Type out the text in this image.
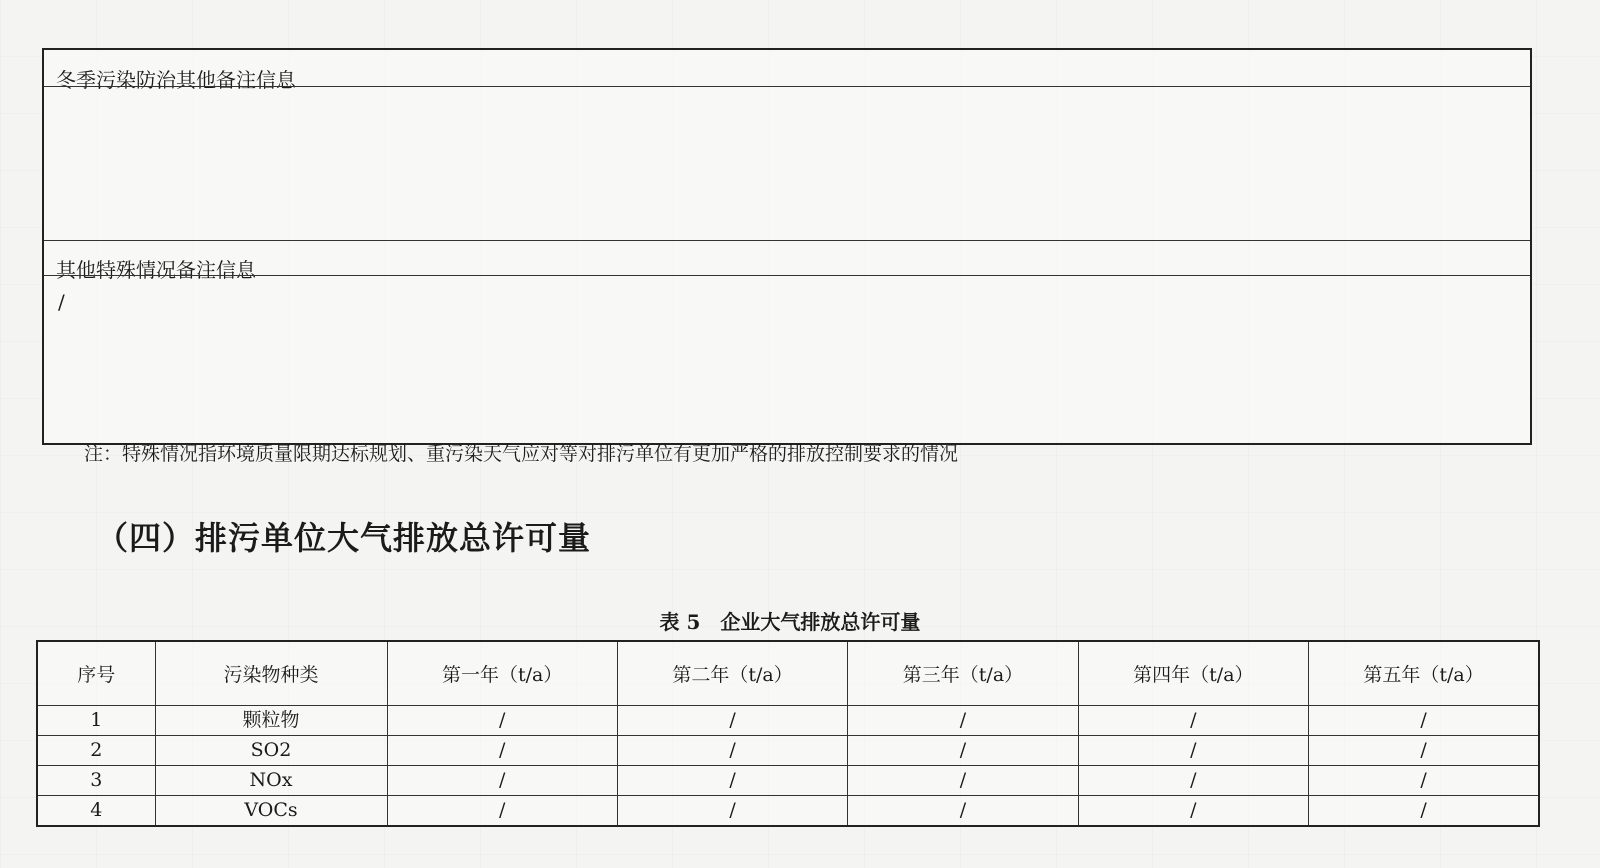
冬季污染防治其他备注信息
其他特殊情况备注信息
/
注：特殊情况指环境质量限期达标规划、重污染天气应对等对排污单位有更加严格的排放控制要求的情况
（四）排污单位大气排放总许可量
表 5　企业大气排放总许可量
序号	污染物种类	第一年（t/a）	第二年（t/a）	第三年（t/a）	第四年（t/a）	第五年（t/a）
1	颗粒物	/	/	/	/	/
2	SO2	/	/	/	/	/
3	NOx	/	/	/	/	/
4	VOCs	/	/	/	/	/
